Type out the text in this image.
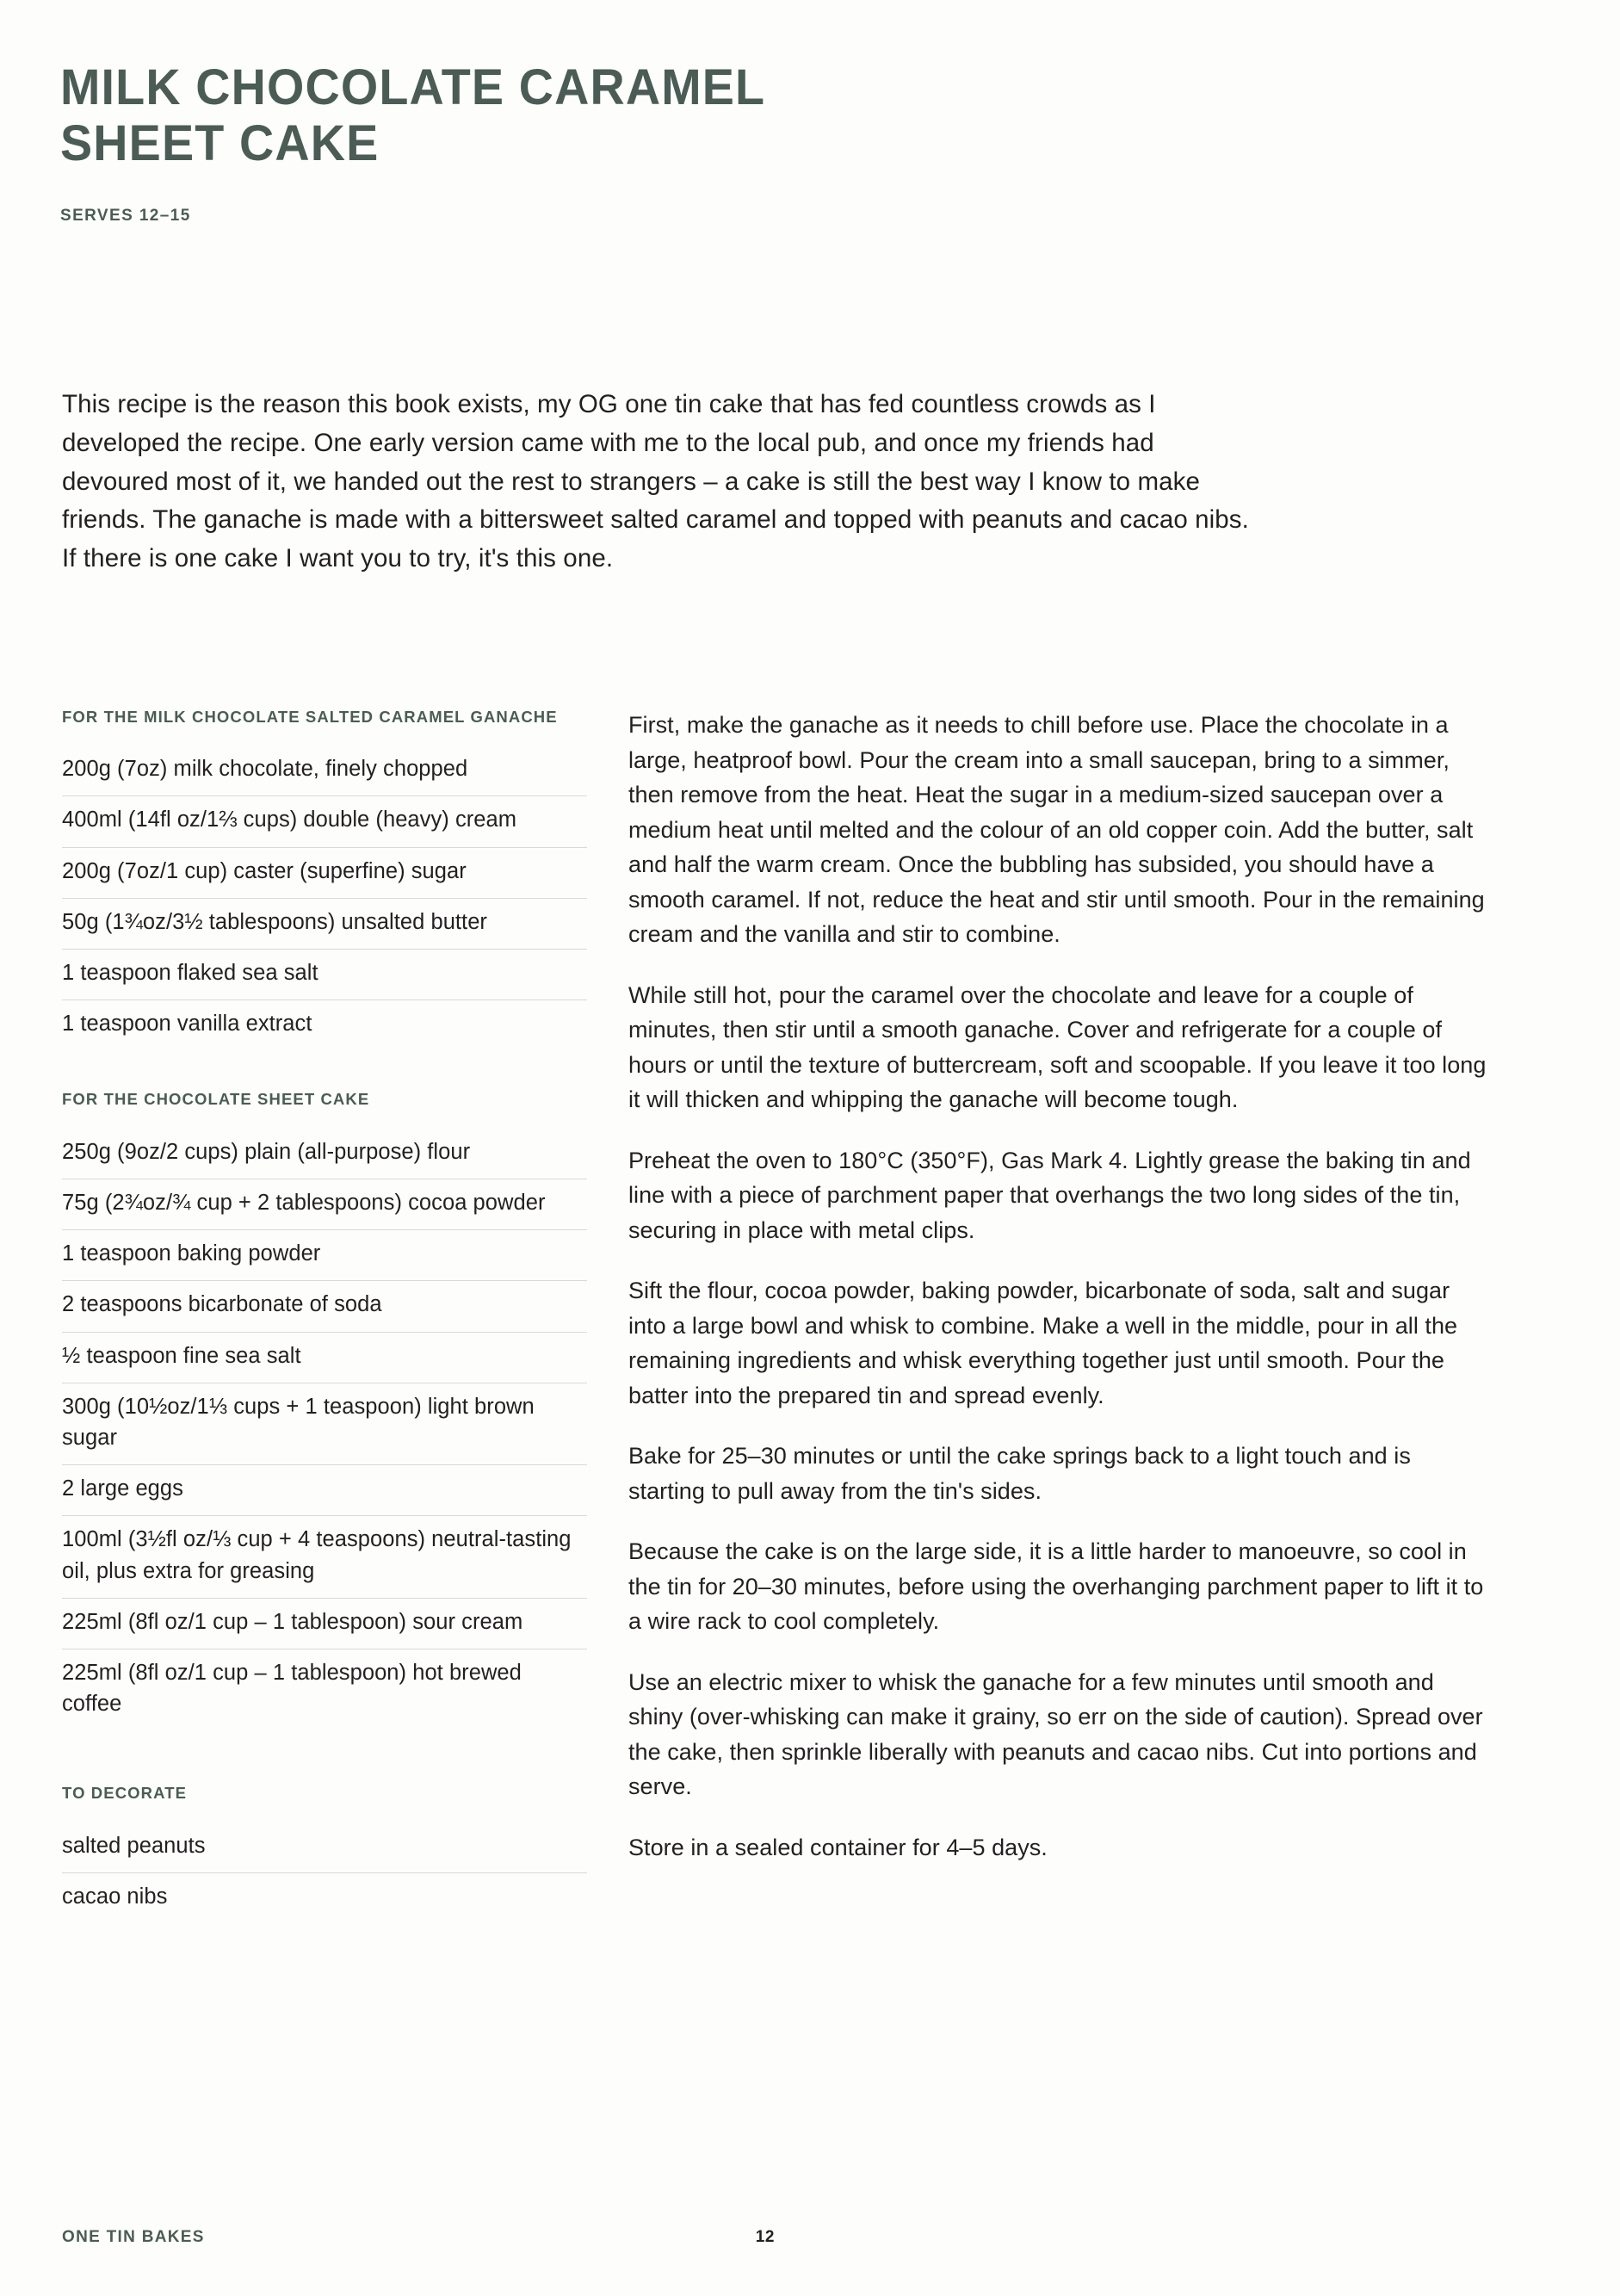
MILK CHOCOLATE CARAMEL
SHEET CAKE
SERVES 12–15
This recipe is the reason this book exists, my OG one tin cake that has fed countless crowds as I developed the recipe. One early version came with me to the local pub, and once my friends had devoured most of it, we handed out the rest to strangers – a cake is still the best way I know to make friends. The ganache is made with a bittersweet salted caramel and topped with peanuts and cacao nibs. If there is one cake I want you to try, it's this one.
FOR THE MILK CHOCOLATE SALTED CARAMEL GANACHE
200g (7oz) milk chocolate, finely chopped
400ml (14fl oz/1⅔ cups) double (heavy) cream
200g (7oz/1 cup) caster (superfine) sugar
50g (1¾oz/3½ tablespoons) unsalted butter
1 teaspoon flaked sea salt
1 teaspoon vanilla extract
FOR THE CHOCOLATE SHEET CAKE
250g (9oz/2 cups) plain (all-purpose) flour
75g (2¾oz/¾ cup + 2 tablespoons) cocoa powder
1 teaspoon baking powder
2 teaspoons bicarbonate of soda
½ teaspoon fine sea salt
300g (10½oz/1⅓ cups + 1 teaspoon) light brown sugar
2 large eggs
100ml (3½fl oz/⅓ cup + 4 teaspoons) neutral-tasting oil, plus extra for greasing
225ml (8fl oz/1 cup – 1 tablespoon) sour cream
225ml (8fl oz/1 cup – 1 tablespoon) hot brewed coffee
TO DECORATE
salted peanuts
cacao nibs

First, make the ganache as it needs to chill before use. Place the chocolate in a large, heatproof bowl. Pour the cream into a small saucepan, bring to a simmer, then remove from the heat. Heat the sugar in a medium-sized saucepan over a medium heat until melted and the colour of an old copper coin. Add the butter, salt and half the warm cream. Once the bubbling has subsided, you should have a smooth caramel. If not, reduce the heat and stir until smooth. Pour in the remaining cream and the vanilla and stir to combine.

While still hot, pour the caramel over the chocolate and leave for a couple of minutes, then stir until a smooth ganache. Cover and refrigerate for a couple of hours or until the texture of buttercream, soft and scoopable. If you leave it too long it will thicken and whipping the ganache will become tough.

Preheat the oven to 180°C (350°F), Gas Mark 4. Lightly grease the baking tin and line with a piece of parchment paper that overhangs the two long sides of the tin, securing in place with metal clips.

Sift the flour, cocoa powder, baking powder, bicarbonate of soda, salt and sugar into a large bowl and whisk to combine. Make a well in the middle, pour in all the remaining ingredients and whisk everything together just until smooth. Pour the batter into the prepared tin and spread evenly.

Bake for 25–30 minutes or until the cake springs back to a light touch and is starting to pull away from the tin's sides.

Because the cake is on the large side, it is a little harder to manoeuvre, so cool in the tin for 20–30 minutes, before using the overhanging parchment paper to lift it to a wire rack to cool completely.

Use an electric mixer to whisk the ganache for a few minutes until smooth and shiny (over-whisking can make it grainy, so err on the side of caution). Spread over the cake, then sprinkle liberally with peanuts and cacao nibs. Cut into portions and serve.

Store in a sealed container for 4–5 days.

ONE TIN BAKES	12
